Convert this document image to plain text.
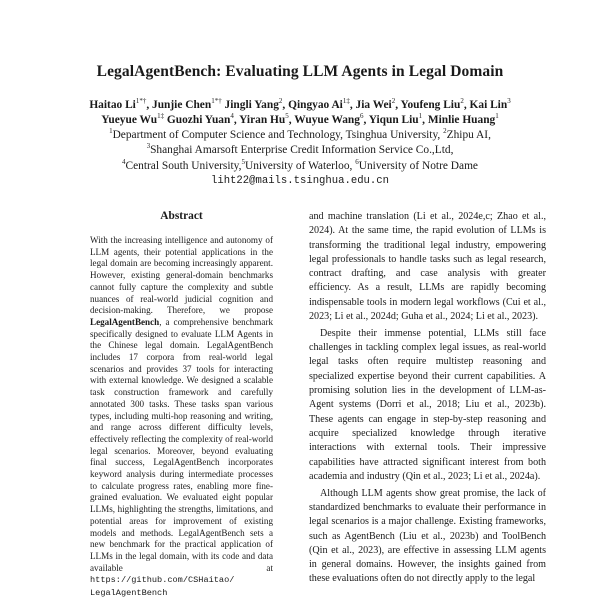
LegalAgentBench: Evaluating LLM Agents in Legal Domain
Haitao $Li^{1*\dagger}$, Junjie Chen$^{1*\dagger}$ Jingli Yang$^2$, Qingyao $Ai^{1\ddagger}$, Jia Wei$^2$, Youfeng Liu$^2$, Kai Lin$^3$
Yueyue $Wu^{1\ddagger}$ Guozhi Yuan$^4$, Yiran Hu$^5$, Wuyue Wang$^6$, Yiqun Liu$^1$, Minlie Huang$^1$
$^1$Department of Computer Science and Technology, Tsinghua University, $^2$Zhipu AI,
$^3$Shanghai Amarsoft Enterprise Credit Information Service Co.,Ltd,
$^4$Central South University,$^5$University of Waterloo, $^6$University of Notre Dame
liht22@mails.tsinghua.edu.cn
Abstract
With the increasing intelligence and autonomy of LLM agents, their potential applications in the legal domain are becoming increasingly apparent. However, existing general-domain benchmarks cannot fully capture the complexity and subtle nuances of real-world judicial cognition and decision-making. Therefore, we propose LegalAgentBench, a comprehensive benchmark specifically designed to evaluate LLM Agents in the Chinese legal domain. LegalAgentBench includes 17 corpora from real-world legal scenarios and provides 37 tools for interacting with external knowledge. We designed a scalable task construction framework and carefully annotated 300 tasks. These tasks span various types, including multi-hop reasoning and writing, and range across different difficulty levels, effectively reflecting the complexity of real-world legal scenarios. Moreover, beyond evaluating final success, LegalAgentBench incorporates keyword analysis during intermediate processes to calculate progress rates, enabling more fine-grained evaluation. We evaluated eight popular LLMs, highlighting the strengths, limitations, and potential areas for improvement of existing models and methods. LegalAgentBench sets a new benchmark for the practical application of LLMs in the legal domain, with its code and data available at https://github.com/CSHaitao/ LegalAgentBench

and machine translation (Li et al., 2024e,c; Zhao et al., 2024). At the same time, the rapid evolution of LLMs is transforming the traditional legal industry, empowering legal professionals to handle tasks such as legal research, contract drafting, and case analysis with greater efficiency. As a result, LLMs are rapidly becoming indispensable tools in modern legal workflows (Cui et al., 2023; Li et al., 2024d; Guha et al., 2024; Li et al., 2023).

Despite their immense potential, LLMs still face challenges in tackling complex legal issues, as real-world legal tasks often require multistep reasoning and specialized expertise beyond their current capabilities. A promising solution lies in the development of LLM-as-Agent systems (Dorri et al., 2018; Liu et al., 2023b). These agents can engage in step-by-step reasoning and acquire specialized knowledge through iterative interactions with external tools. Their impressive capabilities have attracted significant interest from both academia and industry (Qin et al., 2023; Li et al., 2024a).

Although LLM agents show great promise, the lack of standardized benchmarks to evaluate their performance in legal scenarios is a major challenge. Existing frameworks, such as AgentBench (Liu et al., 2023b) and ToolBench (Qin et al., 2023), are effective in assessing LLM agents in general domains. However, the insights gained from these evaluations often do not directly apply to the legal
